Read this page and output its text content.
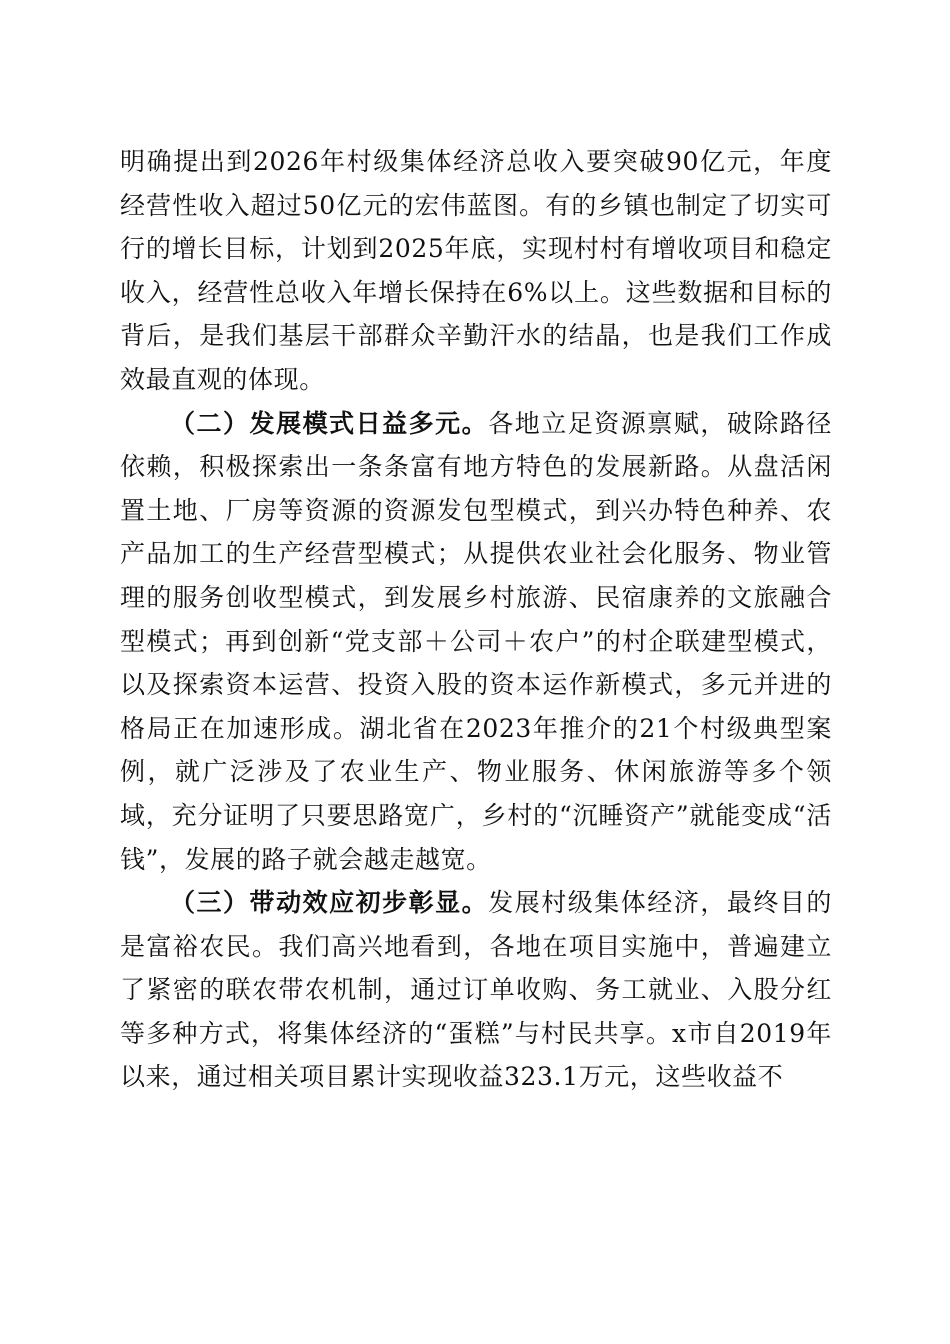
明确提出到2026年村级集体经济总收入要突破90亿元，年度经营性收入超过50亿元的宏伟蓝图。有的乡镇也制定了切实可行的增长目标，计划到2025年底，实现村村有增收项目和稳定收入，经营性总收入年增长保持在6%以上。这些数据和目标的背后，是我们基层干部群众辛勤汗水的结晶，也是我们工作成效最直观的体现。

（二）发展模式日益多元。各地立足资源禀赋，破除路径依赖，积极探索出一条条富有地方特色的发展新路。从盘活闲置土地、厂房等资源的资源发包型模式，到兴办特色种养、农产品加工的生产经营型模式；从提供农业社会化服务、物业管理的服务创收型模式，到发展乡村旅游、民宿康养的文旅融合型模式；再到创新“党支部＋公司＋农户”的村企联建型模式，以及探索资本运营、投资入股的资本运作新模式，多元并进的格局正在加速形成。湖北省在2023年推介的21个村级典型案例，就广泛涉及了农业生产、物业服务、休闲旅游等多个领域，充分证明了只要思路宽广，乡村的“沉睡资产”就能变成“活钱”，发展的路子就会越走越宽。

（三）带动效应初步彰显。发展村级集体经济，最终目的是富裕农民。我们高兴地看到，各地在项目实施中，普遍建立了紧密的联农带农机制，通过订单收购、务工就业、入股分红等多种方式，将集体经济的“蛋糕”与村民共享。x市自2019年以来，通过相关项目累计实现收益323.1万元，这些收益不
